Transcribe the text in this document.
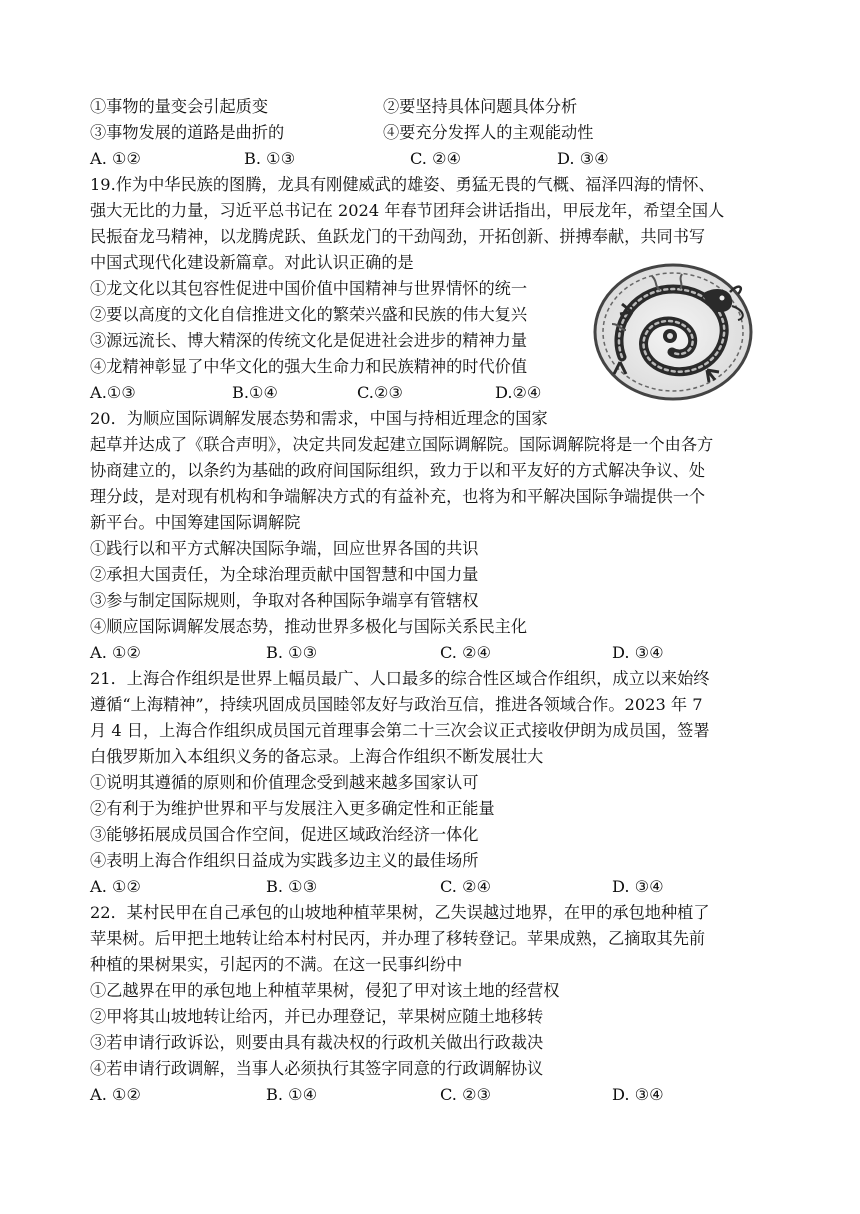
①事物的量变会引起质变	②要坚持具体问题具体分析
③事物发展的道路是曲折的	④要充分发挥人的主观能动性
A. ①②	B. ①③	C. ②④	D. ③④
19.作为中华民族的图腾，龙具有刚健威武的雄姿、勇猛无畏的气概、福泽四海的情怀、
强大无比的力量，习近平总书记在 2024 年春节团拜会讲话指出，甲辰龙年，希望全国人
民振奋龙马精神，以龙腾虎跃、鱼跃龙门的干劲闯劲，开拓创新、拼搏奉献，共同书写
中国式现代化建设新篇章。对此认识正确的是
①龙文化以其包容性促进中国价值中国精神与世界情怀的统一
②要以高度的文化自信推进文化的繁荣兴盛和民族的伟大复兴
③源远流长、博大精深的传统文化是促进社会进步的精神力量
④龙精神彰显了中华文化的强大生命力和民族精神的时代价值
A.①③	B.①④	C.②③	D.②④
20．为顺应国际调解发展态势和需求，中国与持相近理念的国家
起草并达成了《联合声明》，决定共同发起建立国际调解院。国际调解院将是一个由各方
协商建立的，以条约为基础的政府间国际组织，致力于以和平友好的方式解决争议、处
理分歧，是对现有机构和争端解决方式的有益补充，也将为和平解决国际争端提供一个
新平台。中国筹建国际调解院
①践行以和平方式解决国际争端，回应世界各国的共识
②承担大国责任，为全球治理贡献中国智慧和中国力量
③参与制定国际规则，争取对各种国际争端享有管辖权
④顺应国际调解发展态势，推动世界多极化与国际关系民主化
A. ①②	B. ①③	C. ②④	D. ③④
21．上海合作组织是世界上幅员最广、人口最多的综合性区域合作组织，成立以来始终
遵循“上海精神”，持续巩固成员国睦邻友好与政治互信，推进各领域合作。2023 年 7
月 4 日，上海合作组织成员国元首理事会第二十三次会议正式接收伊朗为成员国，签署
白俄罗斯加入本组织义务的备忘录。上海合作组织不断发展壮大
①说明其遵循的原则和价值理念受到越来越多国家认可
②有利于为维护世界和平与发展注入更多确定性和正能量
③能够拓展成员国合作空间，促进区域政治经济一体化
④表明上海合作组织日益成为实践多边主义的最佳场所
A. ①②	B. ①③	C. ②④	D. ③④
22．某村民甲在自己承包的山坡地种植苹果树，乙失误越过地界，在甲的承包地种植了
苹果树。后甲把土地转让给本村村民丙，并办理了移转登记。苹果成熟，乙摘取其先前
种植的果树果实，引起丙的不满。在这一民事纠纷中
①乙越界在甲的承包地上种植苹果树，侵犯了甲对该土地的经营权
②甲将其山坡地转让给丙，并已办理登记，苹果树应随土地移转
③若申请行政诉讼，则要由具有裁决权的行政机关做出行政裁决
④若申请行政调解，当事人必须执行其签字同意的行政调解协议
A. ①②	B. ①④	C. ②③	D. ③④
